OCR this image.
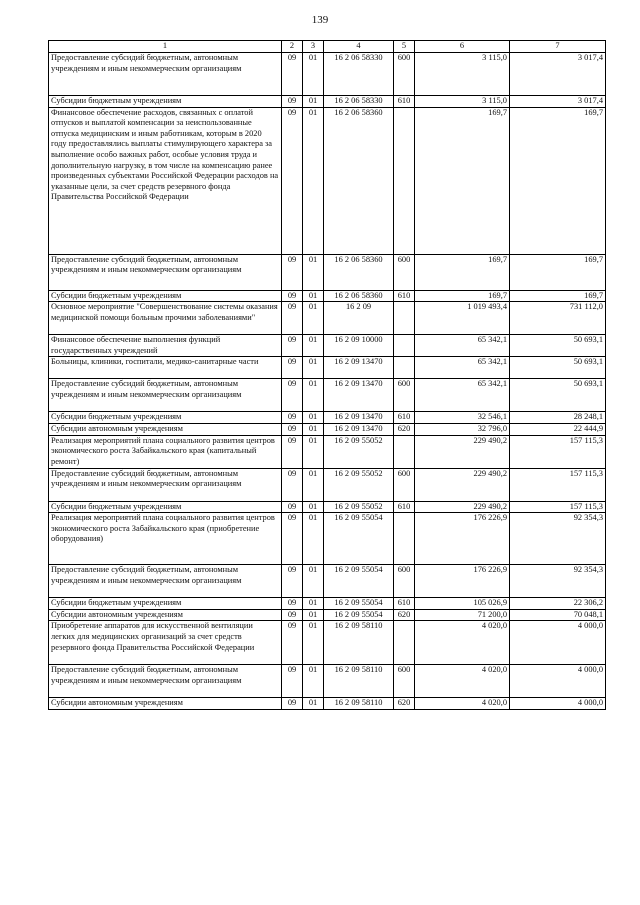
139
1	2	3	4	5	6	7
Предоставление субсидий бюджетным, автономным учреждениям и иным некоммерческим организациям	09	01	16 2 06 58330	600	3 115,0	3 017,4
Субсидии бюджетным учреждениям	09	01	16 2 06 58330	610	3 115,0	3 017,4
Финансовое обеспечение расходов, связанных с оплатой отпусков и выплатой компенсации за неиспользованные отпуска медицинским и иным работникам, которым в 2020 году предоставлялись выплаты стимулирующего характера за выполнение особо важных работ, особые условия труда и дополнительную нагрузку, в том числе на компенсацию ранее произведенных субъектами Российской Федерации расходов на указанные цели, за счет средств резервного фонда Правительства Российской Федерации	09	01	16 2 06 58360		169,7	169,7
Предоставление субсидий бюджетным, автономным учреждениям и иным некоммерческим организациям	09	01	16 2 06 58360	600	169,7	169,7
Субсидии бюджетным учреждениям	09	01	16 2 06 58360	610	169,7	169,7
Основное мероприятие "Совершенствование системы оказания медицинской помощи больным прочими заболеваниями"	09	01	16 2 09		1 019 493,4	731 112,0
Финансовое обеспечение выполнения функций государственных учреждений	09	01	16 2 09 10000		65 342,1	50 693,1
Больницы, клиники, госпитали, медико-санитарные части	09	01	16 2 09 13470		65 342,1	50 693,1
Предоставление субсидий бюджетным, автономным учреждениям и иным некоммерческим организациям	09	01	16 2 09 13470	600	65 342,1	50 693,1
Субсидии бюджетным учреждениям	09	01	16 2 09 13470	610	32 546,1	28 248,1
Субсидии автономным учреждениям	09	01	16 2 09 13470	620	32 796,0	22 444,9
Реализация мероприятий плана социального развития центров экономического роста Забайкальского края (капитальный ремонт)	09	01	16 2 09 55052		229 490,2	157 115,3
Предоставление субсидий бюджетным, автономным учреждениям и иным некоммерческим организациям	09	01	16 2 09 55052	600	229 490,2	157 115,3
Субсидии бюджетным учреждениям	09	01	16 2 09 55052	610	229 490,2	157 115,3
Реализация мероприятий плана социального развития центров экономического роста Забайкальского края (приобретение оборудования)	09	01	16 2 09 55054		176 226,9	92 354,3
Предоставление субсидий бюджетным, автономным учреждениям и иным некоммерческим организациям	09	01	16 2 09 55054	600	176 226,9	92 354,3
Субсидии бюджетным учреждениям	09	01	16 2 09 55054	610	105 026,9	22 306,2
Субсидии автономным учреждениям	09	01	16 2 09 55054	620	71 200,0	70 048,1
Приобретение аппаратов для искусственной вентиляции легких для медицинских организаций за счет средств резервного фонда Правительства Российской Федерации	09	01	16 2 09 58110		4 020,0	4 000,0
Предоставление субсидий бюджетным, автономным учреждениям и иным некоммерческим организациям	09	01	16 2 09 58110	600	4 020,0	4 000,0
Субсидии автономным учреждениям	09	01	16 2 09 58110	620	4 020,0	4 000,0
